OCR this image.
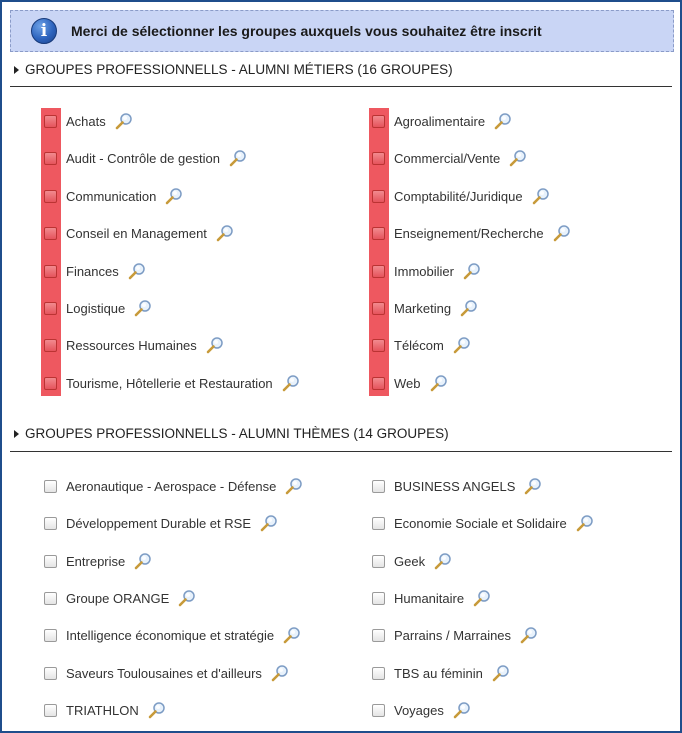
i	Merci de sélectionner les groupes auxquels vous souhaitez être inscrit
GROUPES PROFESSIONNELLS - ALUMNI MÉTIERS (16 GROUPES)
Achats
Audit - Contrôle de gestion
Communication
Conseil en Management
Finances
Logistique
Ressources Humaines
Tourisme, Hôtellerie et Restauration
Agroalimentaire
Commercial/Vente
Comptabilité/Juridique
Enseignement/Recherche
Immobilier
Marketing
Télécom
Web
GROUPES PROFESSIONNELLS - ALUMNI THÈMES (14 GROUPES)
Aeronautique - Aerospace - Défense
Développement Durable et RSE
Entreprise
Groupe ORANGE
Intelligence économique et stratégie
Saveurs Toulousaines et d'ailleurs
TRIATHLON
BUSINESS ANGELS
Economie Sociale et Solidaire
Geek
Humanitaire
Parrains / Marraines
TBS au féminin
Voyages
